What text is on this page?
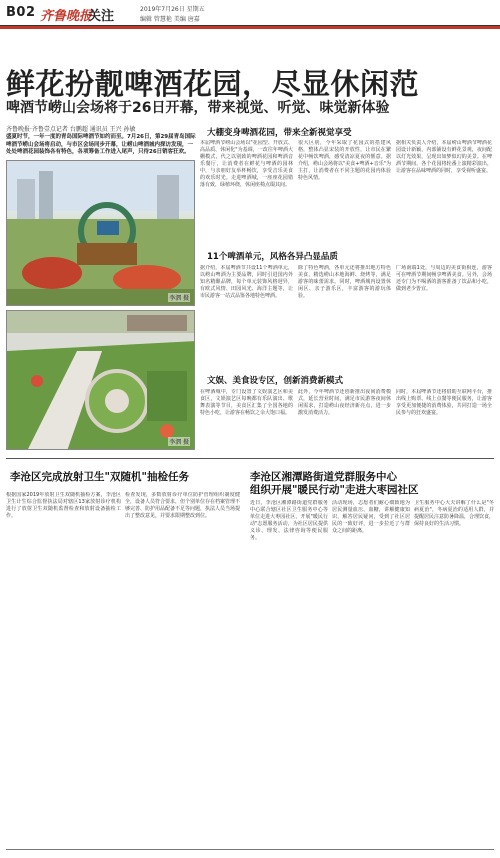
B02 齐鲁晚报
关注	2019年7月26日 星期五
编辑 管慧艳 美编 唐嘉
鲜花扮靓啤酒花园，尽显休闲范
啤酒节崂山会场将于26日开幕，带来视觉、听觉、味觉新体验
齐鲁晚报·齐鲁壹点记者 台鹏超 通讯员 王兴 孙敏
李泗 摄
李泗 摄
盛夏时节，一年一度的青岛国际啤酒节如约而至。7月26日，第29届青岛国际啤酒节崂山会场将启动，与市区会场同步开幕，让崂山啤酒城内探访发现，一处处啤酒花园装饰各有特色，各项筹备工作进入尾声，只待26日销客狂欢。
大棚变身啤酒花园，带来全新视觉享受
本届啤酒节崂山会场以"花园型、开放式、高品质、休闲化"为基调，一改往年啤酒大棚模式，代之以别致的啤酒花园和啤酒音乐餐厅，让消费者在鲜花与啤酒的园林中，与亲朋好友举杯畅饮，享受音乐美食的欢乐时光。走进啤酒城，一座座花园错落有致，绿植环绕，休闲座椅点缀其间。
很大区别，今年采取了花园式的搭建风格，整体凸显宋装的开放性，让市民在繁花中畅饮啤酒，感受清凉夏夜的惬意。据介绍，崂山会场将以"美食+啤酒+音乐"为主打，让消费者在不同主题的花园内体验特色风情。
据相关负责人介绍，本届崂山啤酒节啤酒花园设计新颖，内部铺设有鲜花景观，夜间配以灯光效果，呈现出如梦似幻的美景。在啤酒节期间，各个花园将轮番上演精彩演出，让游客在品味啤酒的同时，享受视听盛宴。
11个啤酒单元，风格各异凸显品质
据介绍，本届啤酒节共设11个啤酒单元，以崂山啤酒为主要品牌，同时引进国内外知名精酿品牌，每个单元装饰风格迥异，有欧式风情、田园风光、海洋主题等，让市民游客一站式品鉴各地特色啤酒。
除了特色啤酒，各单元还将推出地方特色美食，精选崂山本地海鲜、烧烤等，满足游客的味蕾需求。同时，啤酒城内设置休闲区、亲子游乐区，丰富游客的游玩体验。
广场南端1处，与周边的美食街相连，游客可在啤酒节期间畅享啤酒美食。另外，会场还专门为不喝酒的游客准备了饮品和小吃，做到老少皆宜。
文娱、美食设专区，创新消费新模式
在啤酒城中，专门设置了文娱演艺区和美食区，文娱演艺区每晚都有乐队演出、歌舞表演等节目，美食区汇集了全国各地的特色小吃，让游客在畅饮之余大饱口福。
此外，今年啤酒节还创新推出夜间消费模式，延长营业时间，满足市民游客夜间休闲需求，打造崂山夜经济新亮点，进一步激发消费活力。
同时，本届啤酒节还将借助互联网平台，推出线上购票、线上点餐等便民服务，让游客享受更加便捷的消费体验，共同打造一场全民参与的狂欢盛宴。
李沧区完成放射卫生"双随机"抽检任务
根据国家2019年放射卫生双随机抽检方案，李沧区卫生计生综合监督执法局对辖区13家放射诊疗机构进行了放射卫生双随机监督检查和放射设备抽检工作。
检查发现，多数放射诊疗单位防护管理组织制度健全，设备人员符合要求，但个别单位存在档案管理不够完善、防护用品配备不足等问题，执法人员当场提出了整改意见，并要求限期整改到位。
李沧区湘潭路街道党群服务中心
组织开展"暖民行动"走进大枣园社区
近日，李沧区湘潭路街道党群服务中心联合辖区社区卫生服务中心等单位走进大枣园社区，开展"暖民行动"志愿服务活动，为社区居民提供义诊、理发、法律咨询等便民服务。
活动现场，志愿者们耐心细致地为居民测量血压、血糖，讲解健康知识，解答居民疑问，受到了社区居民的一致好评，进一步拉近了与群众之间的距离。
卫生服务中心大夫讲解了什么是"冬病夏治"，冬病夏治的适用人群，并提醒居民注意防暑降温，合理饮食，保持良好的生活习惯。
